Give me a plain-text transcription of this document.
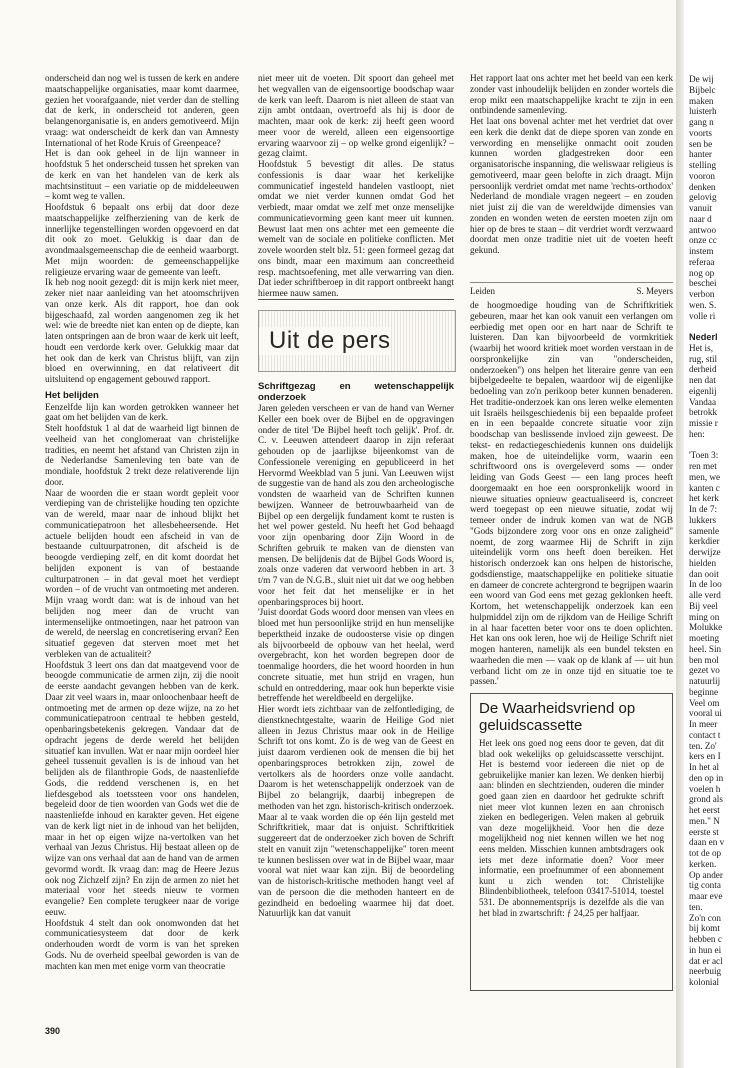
onderscheid dan nog wel is tussen de kerk en andere maatschappelijke organisaties, maar komt daarmee, gezien het voorafgaande, niet verder dan de stelling dat de kerk, in onderscheid tot anderen, geen belangenorganisatie is, en anders gemotiveerd. Mijn vraag: wat onderscheidt de kerk dan van Amnesty International of het Rode Kruis of Greenpeace?

Het is dan ook geheel in de lijn wanneer in hoofdstuk 5 het onderscheid tussen het spreken van de kerk en van het handelen van de kerk als machtsinstituut – een variatie op de middeleeuwen – komt weg te vallen.

Hoofdstuk 6 bepaalt ons erbij dat door deze maatschappelijke zelfherziening van de kerk de innerlijke tegenstellingen worden opgevoerd en dat dit ook zo moet. Gelukkig is daar dan de avondmaalsgemeenschap die de eenheid waarborgt. Met mijn woorden: de gemeenschappelijke religieuze ervaring waar de gemeente van leeft.

Ik heb nog nooit gezegd: dit is mijn kerk niet meer, zeker niet naar aanleiding van het atoomschrijven van onze kerk. Als dit rapport, hoe dan ook bijgeschaafd, zal worden aangenomen zeg ik het wel: wie de breedte niet kan enten op de diepte, kan laten ontspringen aan de bron waar de kerk uit leeft, houdt een verdorde kerk over. Gelukkig maar dat het ook dan de kerk van Christus blijft, van zijn bloed en overwinning, en dat relativeert dit uitsluitend op engagement gebouwd rapport.

Het belijden

Eenzelfde lijn kan worden getrokken wanneer het gaat om het belijden van de kerk.

Stelt hoofdstuk 1 al dat de waarheid ligt binnen de veelheid van het conglomeraat van christelijke tradities, en neemt het afstand van Christen zijn in de Nederlandse Samenleving ten bate van de mondiale, hoofdstuk 2 trekt deze relativerende lijn door.

Naar de woorden die er staan wordt gepleit voor verdieping van de christelijke houding ten opzichte van de wereld, maar naar de inhoud blijkt het communicatiepatroon het allesbeheersende. Het actuele belijden houdt een afscheid in van de bestaande cultuurpatronen, dit afscheid is de beoogde verdieping zelf, en dit komt doordat het belijden exponent is van of bestaande culturpatronen – in dat geval moet het verdiept worden – of de vrucht van ontmoeting met anderen. Mijn vraag wordt dan: wat is de inhoud van het belijden nog meer dan de vrucht van intermenselijke ontmoetingen, naar het patroon van de wereld, de neerslag en concretisering ervan? Een situatief gegeven dat sterven moet met het verbleken van de actualiteit?

Hoofdstuk 3 leert ons dan dat maatgevend voor de beoogde communicatie de armen zijn, zij die nooit de eerste aandacht gevangen hebben van de kerk. Daar zit veel waars in, maar onloochenbaar heeft de ontmoeting met de armen op deze wijze, na zo het communicatiepatroon centraal te hebben gesteld, openbaringsbetekenis gekregen. Vandaar dat de opdracht jegens de derde wereld het belijden situatief kan invullen. Wat er naar mijn oordeel hier geheel tussenuit gevallen is is de inhoud van het belijden als de filanthropie Gods, de naastenliefde Gods, die reddend verschenen is, en het liefdesgebod als toetssteen voor ons handelen, begeleid door de tien woorden van Gods wet die de naastenliefde inhoud en karakter geven. Het eigene van de kerk ligt niet in de inhoud van het belijden, maar in het op eigen wijze na-vertolken van het verhaal van Jezus Christus. Hij bestaat alleen op de wijze van ons verhaal dat aan de hand van de armen gevormd wordt. Ik vraag dan: mag de Heere Jezus ook nog Zichzelf zijn? En zijn de armen zo niet het materiaal voor het steeds nieuw te vormen evangelie? Een complete terugkeer naar de vorige eeuw.

Hoofdstuk 4 stelt dan ook onomwonden dat het communicatiesysteem dat door de kerk onderhouden wordt de vorm is van het spreken Gods. Nu de overheid speelbal geworden is van de machten kan men met enige vorm van theocratie

niet meer uit de voeten. Dit spoort dan geheel met het wegvallen van de eigensoortige boodschap waar de kerk van leeft. Daarom is niet alleen de staat van zijn ambt ontdaan, overtroefd als hij is door de machten, maar ook de kerk: zij heeft geen woord meer voor de wereld, alleen een eigensoortige ervaring waarvoor zij – op welke grond eigenlijk? – gezag claimt.

Hoofdstuk 5 bevestigt dit alles. De status confessionis is daar waar het kerkelijke communicatief ingesteld handelen vastloopt, niet omdat we niet verder kunnen omdat God het verbiedt, maar omdat we zelf met onze menselijke communicatievorming geen kant meer uit kunnen. Bewust laat men ons achter met een gemeente die wemelt van de sociale en politieke conflicten. Met zovele woorden stelt blz. 51: geen formeel gezag dat ons bindt, maar een maximum aan concreetheid resp. machtsoefening, met alle verwarring van dien. Dat ieder schriftberoep in dit rapport ontbreekt hangt hiermee nauw samen.

Het rapport laat ons achter met het beeld van een kerk zonder vast inhoudelijk belijden en zonder wortels die erop mikt een maatschappelijke kracht te zijn in een ontbindende samenleving.

Het laat ons bovenal achter met het verdriet dat over een kerk die denkt dat de diepe sporen van zonde en verwording en menselijke onmacht ooit zouden kunnen worden gladgestreken door een organisatorische inspanning, die weliswaar religieus is gemotiveerd, maar geen belofte in zich draagt. Mijn persoonlijk verdriet omdat met name 'rechts-orthodox' Nederland de mondiale vragen negeert – en zouden niet juist zij die van de wereldwijde dimensies van zonden en wonden weten de eersten moeten zijn om hier op de bres te staan – dit verdriet wordt verzwaard doordat men onze traditie niet uit de voeten heeft gekund.

Leiden	S. Meyers
Uit de pers
Schriftgezag en wetenschappelijk onderzoek

Jaren geleden verscheen er van de hand van Werner Keller een boek over de Bijbel en de opgravingen onder de titel 'De Bijbel heeft toch gelijk'. Prof. dr. C. v. Leeuwen attendeert daarop in zijn referaat gehouden op de jaarlijkse bijeenkomst van de Confessionele vereniging en gepubliceerd in het Hervormd Weekblad van 5 juni. Van Leeuwen wijst de suggestie van de hand als zou den archeologische vondsten de waarheid van de Schriften kunnen bewijzen. Wanneer de betrouwbaarheid van de Bijbel op een dergelijk fundament komt te rusten is het wel power gesteld. Nu heeft het God behaagd voor zijn openbaring door Zijn Woord in de Schriften gebruik te maken van de diensten van mensen. De belijdenis dat de Bijbel Gods Woord is, zoals onze vaderen dat verwoord hebben in art. 3 t/m 7 van de N.G.B., sluit niet uit dat we oog hebben voor het feit dat het menselijke er in het openbaringsproces bij hoort.

'Juist doordat Gods woord door mensen van vlees en bloed met hun persoonlijke strijd en hun menselijke beperktheid inzake de oudoostersе visie op dingen als bijvoorbeeld de opbouw van het heelal, werd overgebracht, kon het worden begrepen door de toenmalige hoorders, die het woord hoorden in hun concrete situatie, met hun strijd en vragen, hun schuld en ontreddering, maar ook hun beperkte visie betreffende het wereldbeeld en dergelijke.

Hier wordt iets zichtbaar van de zelfontlediging, de dienstknechtgestalte, waarin de Heilige God niet alleen in Jezus Christus maar ook in de Heilige Schrift tot ons komt. Zo is de weg van de Geest en juist daarom verdienen ook de mensen die bij het openbaringsproces betrokken zijn, zowel de vertolkers als de hoorders onze volle aandacht. Daarom is het wetenschappelijk onderzoek van de Bijbel zo belangrijk, daarbij inbegrepen de methoden van het zgn. historisch-kritisch onderzoek. Maar al te vaak worden die op één lijn gesteld met Schriftkritiek, maar dat is onjuist. Schriftkritiek suggereert dat de onderzoeker zich boven de Schrift stelt en vanuit zijn "wetenschappelijke" toren meent te kunnen beslissen over wat in de Bijbel waar, maar vooral wat niet waar kan zijn. Bij de beoordeling van de historisch-kritische methoden hangt veel af van de persoon die die methoden hanteert en de gezindheid en bedoeling waarmee hij dat doet. Natuurlijk kan dat vanuit

de hoogmoedige houding van de Schriftkritiek gebeuren, maar het kan ook vanuit een verlangen om eerbiedig met open oor en hart naar de Schrift te luisteren. Dan kan bijvoorbeeld de vormkritiek (waarbij het woord kritiek moet worden verstaan in de oorspronkelijke zin van "onderscheiden, onderzoeken") ons helpen het literaire genre van een bijbelgedeelte te bepalen, waardoor wij de eigenlijke bedoeling van zo'n perikoop beter kunnen benaderen. Het traditie-onderzoek kan ons leren welke elementen uit Israëls heilsgeschiedenis bij een bepaalde profeet en in een bepaalde concrete situatie voor zijn boodschap van beslissende invloed zijn geweest. De tekst- en redactiegeschiedenis kunnen ons duidelijk maken, hoe de uiteindelijke vorm, waarin een schriftwoord ons is overgeleverd soms — onder leiding van Gods Geest — een lang proces heeft doorgemaakt en hoe een oorspronkelijk woord in nieuwe situaties opnieuw geactualiseerd is, concreet werd toegepast op een nieuwe situatie, zodat wij temeer onder de indruk komen van wat de NGB "Gods bijzondere zorg voor ons en onze zaligheid" noemt, de zorg waarmee Hij de Schrift in zijn uiteindelijk vorm ons heeft doen bereiken. Het historisch onderzoek kan ons helpen de historische, godsdienstige, maatschappelijke en politieke situatie en dameer de concrete achtergrond te begrijpen waarin een woord van God eens met gezag geklonken heeft. Kortom, het wetenschappelijk onderzoek kan een hulpmiddel zijn om de rijkdom van de Heilige Schrift in al haar facetten beter voor ons te doen oplichten. Het kan ons ook leren, hoe wij de Heilige Schrift niet mogen hanteren, namelijk als een bundel teksten en waarheden die men — vaak op de klank af — uit hun verband licht om ze in onze tijd en situatie toe te passen.'

De Waarheidsvriend op geluidscassette
Het leek ons goed nog eens door te geven, dat dit blad ook wekelijks op geluidscassette verschijnt. Het is bestemd voor iedereen die niet op de gebruikelijke manier kan lezen. We denken hierbij aan: blinden en slechtzienden, ouderen die minder goed gaan zien en daardoor het gedrukte schrift niet meer vlot kunnen lezen en aan chronisch zieken en bedlegerigen. Velen maken al gebruik van deze mogelijkheid. Voor hen die deze mogelijkheid nog niet kennen willen we het nog eens melden. Misschien kunnen ambtsdragers ook iets met deze informatie doen? Voor meer informatie, een proefnummer of een abonnement kunt u zich wenden tot: Christelijke Blindenbibliotheek, telefoon 03417-51014, toestel 531. De abonnementsprijs is dezelfde als die van het blad in zwartschrift: ƒ 24,25 per halfjaar.
390
De wij
Bijbelc
maken
luisterh
gang n
voorts
sen be
hanter
stelling
vooron
denken
gelovig
vanuit
naar d
antwoo
onze cc
instem
referaa
nog op
beschei
verbon
wen. S.
volle ri
Nederl
Het is,
rug, stil
derheid
nen dat
eigenlij
Vandaa
betrokk
missie r
hen:
'Toen 3:
ren met
men, we
kanten c
het kerk
In de 7:
lukkers
samenle
kerkdier
derwijze
hielden
dan ooit
In de loo
alle verd
Bij veel
ming on
Molukke
moeting
heel. Sin
ben mol
gezet vo
natuurlij
beginne
Veel om
vooral ui
In meer
contact t
ten. Zo'
kers en I
In het al
den op in
voelen h
grond als
het eerst
men." N
eerste st
daan en v
tot de op
kerken.
Op ander
tig conta
maar eve
ten.
Zo'n con
bij komt
hebben c
in hun ei
dat er acl
neerbuig
kolonial
